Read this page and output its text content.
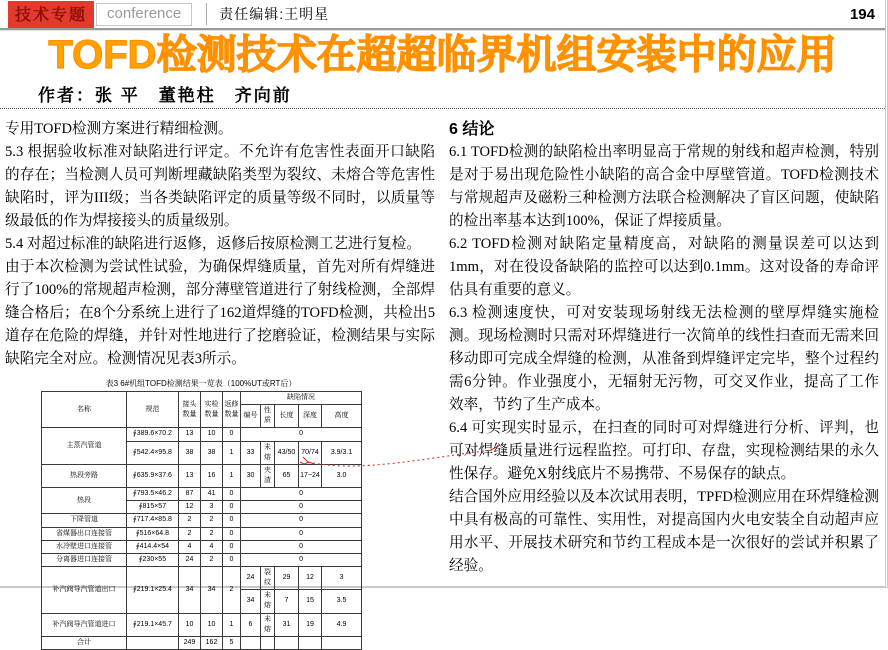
技术专题	conference	责任编辑:王明星	194
TOFD检测技术在超超临界机组安装中的应用
作者：张 平　董艳柱　齐向前

专用TOFD检测方案进行精细检测。

5.3 根据验收标准对缺陷进行评定。不允许有危害性表面开口缺陷的存在；当检测人员可判断埋藏缺陷类型为裂纹、未熔合等危害性缺陷时，评为III级；当各类缺陷评定的质量等级不同时，以质量等级最低的作为焊接接头的质量级别。

5.4 对超过标准的缺陷进行返修，返修后按原检测工艺进行复检。

由于本次检测为尝试性试验，为确保焊缝质量，首先对所有焊缝进行了100%的常规超声检测，部分薄壁管道进行了射线检测，全部焊缝合格后；在8个分系统上进行了162道焊缝的TOFD检测，共检出5道存在危险的焊缝，并针对性地进行了挖磨验证，检测结果与实际缺陷完全对应。检测情况见表3所示。

表3 6#机组TOFD检测结果一览表（100%UT或RT后）
名称	规范	接头数量	实检数量	返修数量	缺陷情况				
					编号	性质	长度	深度	高度
主蒸汽管道	∮389.6×70.2	13	10	0	0				
	∮542.4×95.8	38	38	1	33	未熔	43/50	70/74	3.9/3.1
热段旁路	∮635.9×37.6	13	16	1	30	夹渣	65	17~24	3.0
热段	∮793.5×46.2	87	41	0	0				
	∮815×57	12	3	0	0				
下降管道	∮717.4×85.8	2	2	0	0				
省煤器出口连接管	∮516×64.8	2	2	0	0				
水冷壁进口连接管	∮414.4×54	4	4	0	0				
分离器进口连接管	∮230×55	24	2	0	0				
补汽阀导汽管道出口	∮219.1×25.4	34	34	2	24	裂纹	29	12	3
					34	未熔	7	15	3.5
补汽阀导汽管道进口	∮219.1×45.7	10	10	1	6	未熔	31	19	4.9
合计		249	162	5					
6 结论

6.1 TOFD检测的缺陷检出率明显高于常规的射线和超声检测，特别是对于易出现危险性小缺陷的高合金中厚壁管道。TOFD检测技术与常规超声及磁粉三种检测方法联合检测解决了盲区问题，使缺陷的检出率基本达到100%，保证了焊接质量。

6.2 TOFD检测对缺陷定量精度高，对缺陷的测量误差可以达到1mm，对在役设备缺陷的监控可以达到0.1mm。这对设备的寿命评估具有重要的意义。

6.3 检测速度快，可对安装现场射线无法检测的壁厚焊缝实施检测。现场检测时只需对环焊缝进行一次简单的线性扫查而无需来回移动即可完成全焊缝的检测，从准备到焊缝评定完毕，整个过程约需6分钟。作业强度小，无辐射无污物，可交叉作业，提高了工作效率，节约了生产成本。

6.4 可实现实时显示，在扫查的同时可对焊缝进行分析、评判，也可对焊缝质量进行远程监控。可打印、存盘，实现检测结果的永久性保存。避免X射线底片不易携带、不易保存的缺点。

结合国外应用经验以及本次试用表明，TPFD检测应用在环焊缝检测中具有极高的可靠性、实用性，对提高国内火电安装全自动超声应用水平、开展技术研究和节约工程成本是一次很好的尝试并积累了经验。
